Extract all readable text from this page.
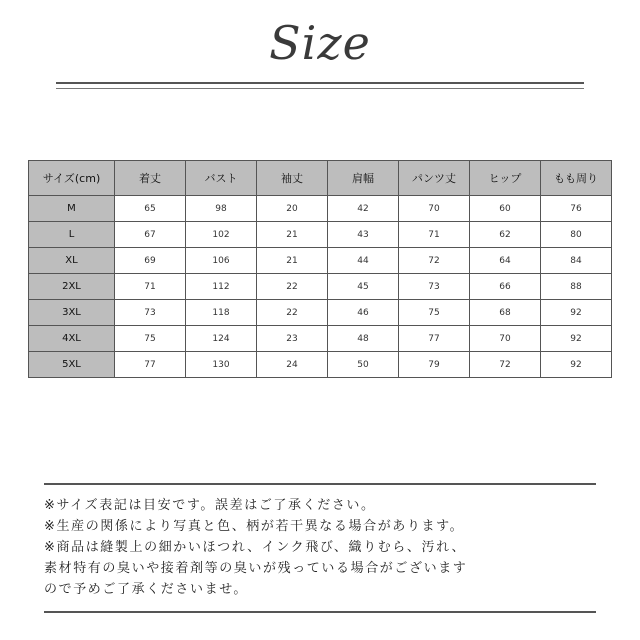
Size
サイズ(cm)	着丈	バスト	袖丈	肩幅	パンツ丈	ヒップ	もも周り
M	65	98	20	42	70	60	76
L	67	102	21	43	71	62	80
XL	69	106	21	44	72	64	84
2XL	71	112	22	45	73	66	88
3XL	73	118	22	46	75	68	92
4XL	75	124	23	48	77	70	92
5XL	77	130	24	50	79	72	92
※サイズ表記は目安です。誤差はご了承ください。
※生産の関係により写真と色、柄が若干異なる場合があります。
※商品は縫製上の細かいほつれ、インク飛び、織りむら、汚れ、
素材特有の臭いや接着剤等の臭いが残っている場合がございます
ので予めご了承くださいませ。
